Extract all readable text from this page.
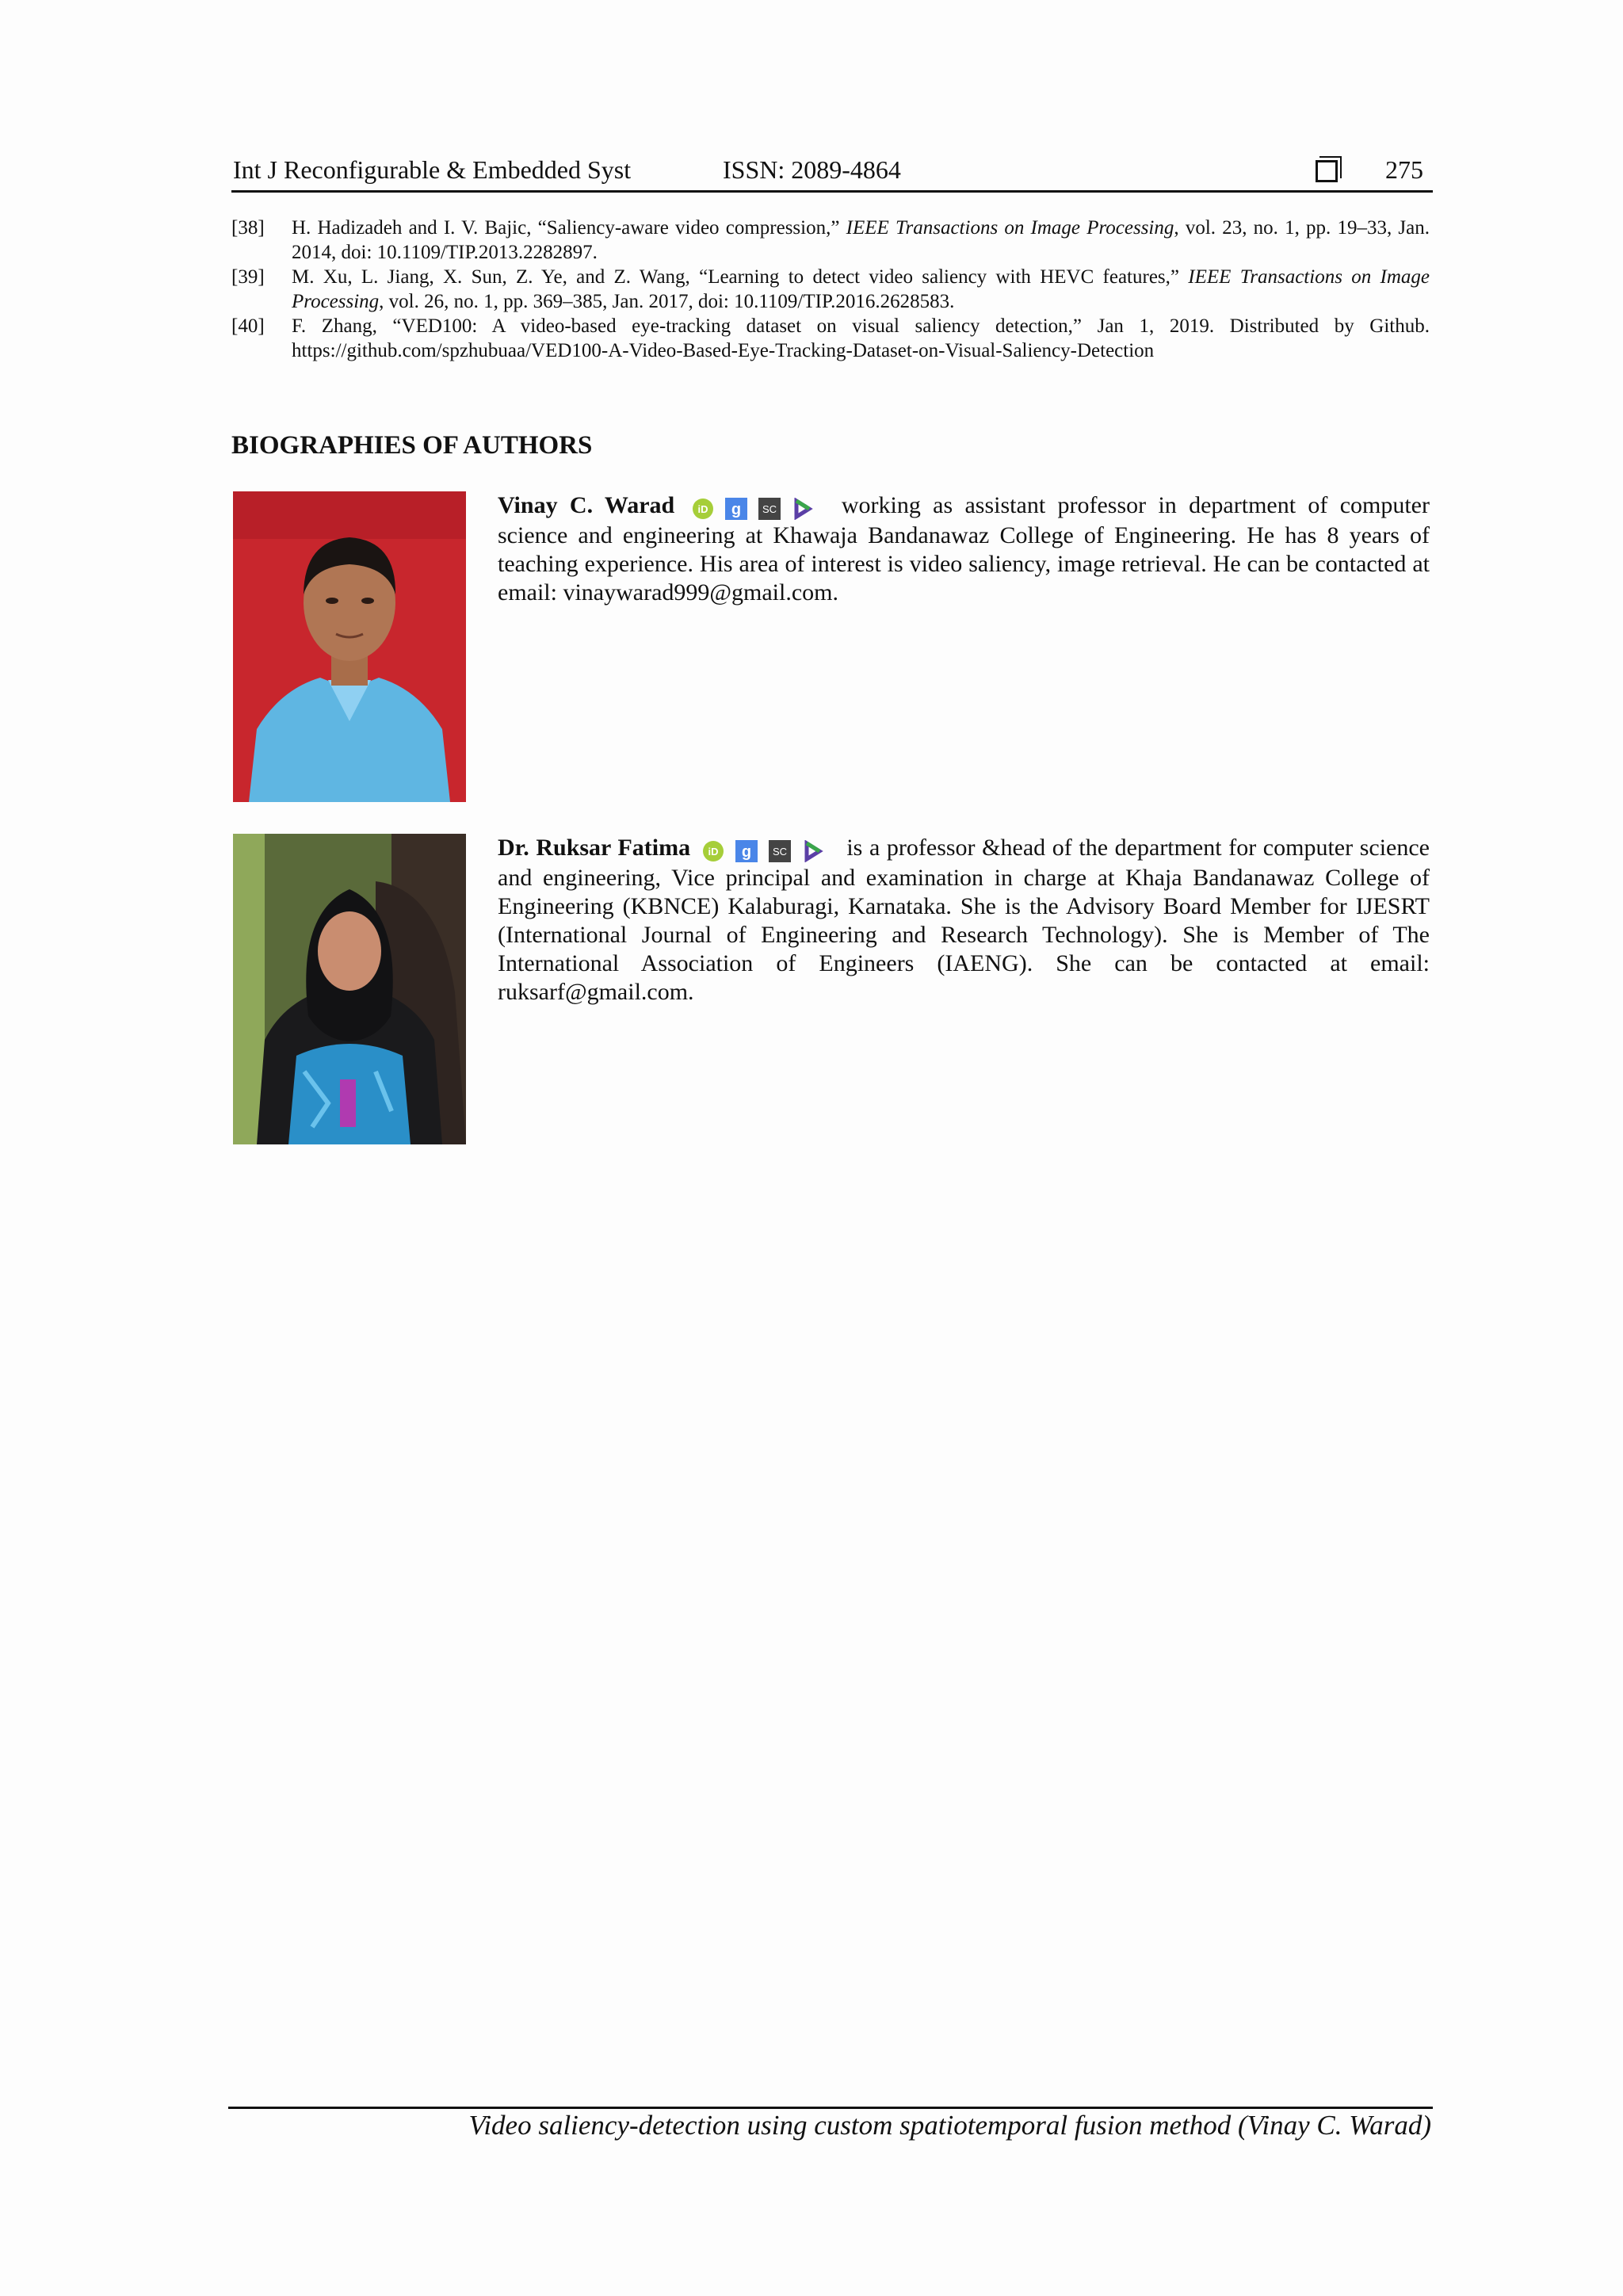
Int J Reconfigurable & Embedded Syst	ISSN: 2089-4864	275
[38] H. Hadizadeh and I. V. Bajic, “Saliency-aware video compression,” IEEE Transactions on Image Processing, vol. 23, no. 1, pp. 19–33, Jan. 2014, doi: 10.1109/TIP.2013.2282897.
[39] M. Xu, L. Jiang, X. Sun, Z. Ye, and Z. Wang, “Learning to detect video saliency with HEVC features,” IEEE Transactions on Image Processing, vol. 26, no. 1, pp. 369–385, Jan. 2017, doi: 10.1109/TIP.2016.2628583.
[40] F. Zhang, “VED100: A video-based eye-tracking dataset on visual saliency detection,” Jan 1, 2019. Distributed by Github. https://github.com/spzhubuaa/VED100-A-Video-Based-Eye-Tracking-Dataset-on-Visual-Saliency-Detection
BIOGRAPHIES OF AUTHORS
Vinay C. Warad iD g SC	working as assistant professor in department of computer science and engineering at Khawaja Bandanawaz College of Engineering. He has 8 years of teaching experience. His area of interest is video saliency, image retrieval. He can be contacted at email: vinaywarad999@gmail.com.
Dr. Ruksar Fatima iD g SC	is a professor &head of the department for computer science and engineering, Vice principal and examination in charge at Khaja Bandanawaz College of Engineering (KBNCE) Kalaburagi, Karnataka. She is the Advisory Board Member for IJESRT (International Journal of Engineering and Research Technology). She is Member of The International Association of Engineers (IAENG). She can be contacted at email: ruksarf@gmail.com.
Video saliency-detection using custom spatiotemporal fusion method (Vinay C. Warad)
